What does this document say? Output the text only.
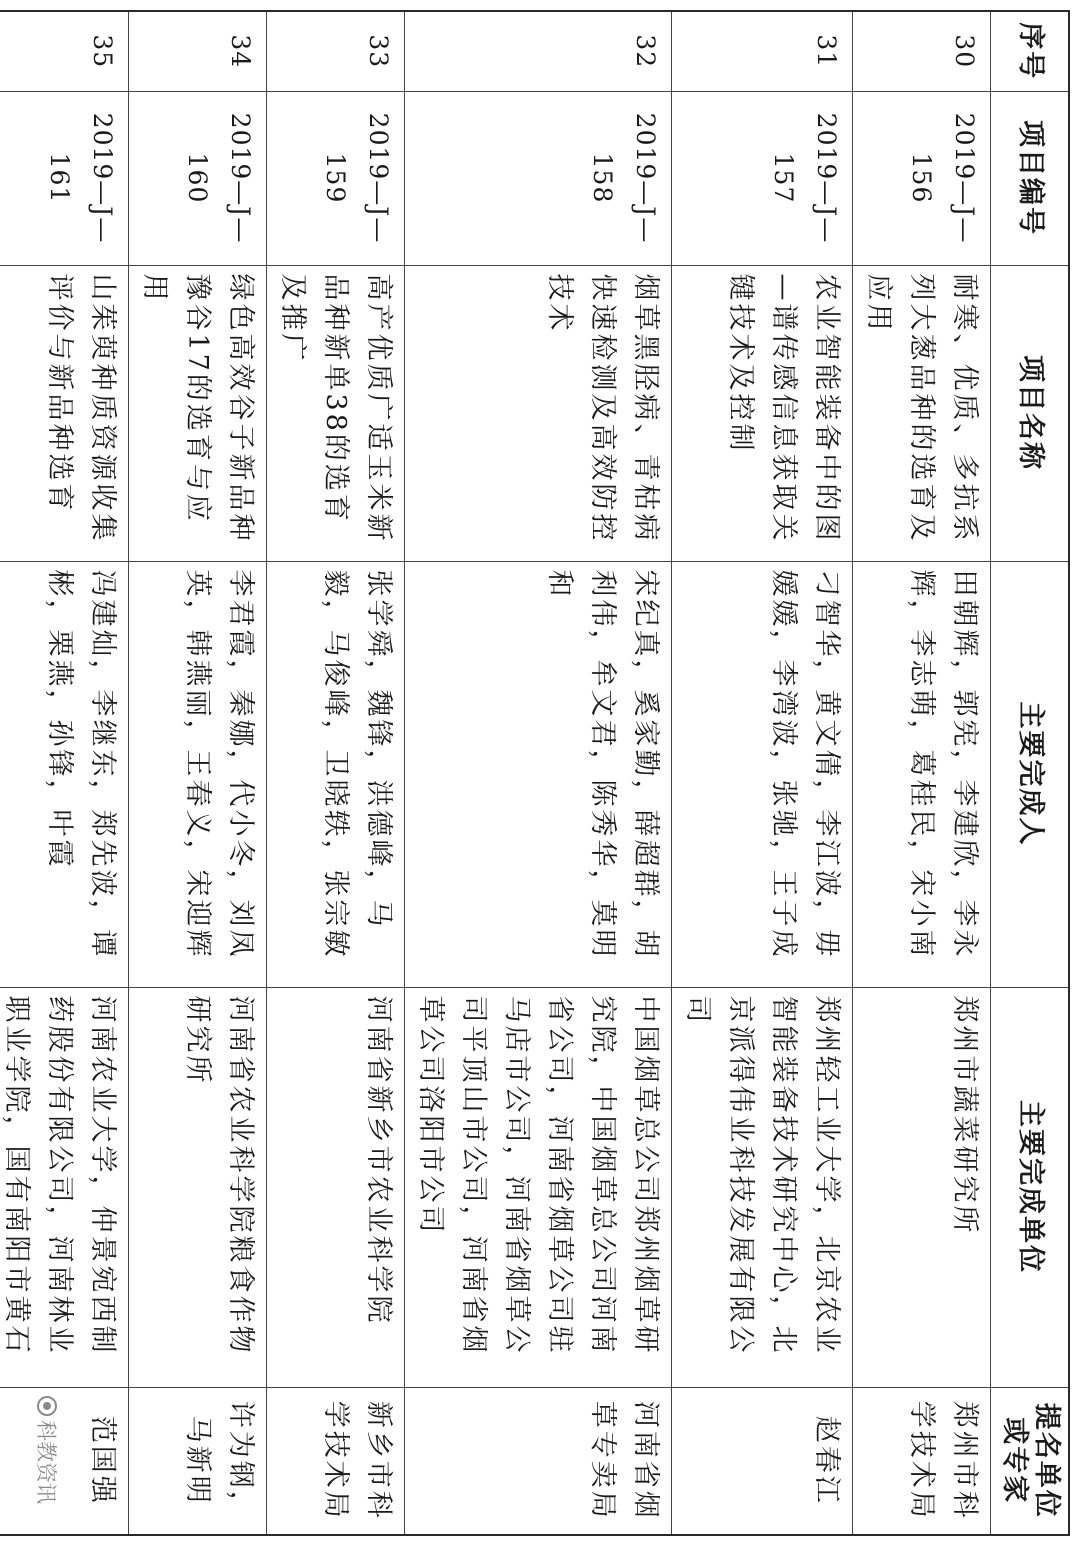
序号	项目编号	项目名称	主要完成人	主要完成单位	提名单位或专家
30	2019—J—156	耐寒、优质、多抗系列大葱品种的选育及应用	田朝辉，郭宪，李建欣，李永辉，李志萌，葛桂民，宋小南	郑州市蔬菜研究所	郑州市科学技术局
31	2019—J—157	农业智能装备中的图—谱传感信息获取关键技术及控制	刁智华，黄文倩，李江波，毋媛媛，李湾波，张驰，王子成	郑州轻工业大学，北京农业智能装备技术研究中心，北京派得伟业科技发展有限公司	赵春江
32	2019—J—158	烟草黑胫病、青枯病快速检测及高效防控技术	宋纪真，奚家勤，薛超群，胡利伟，牟文君，陈秀华，莫明和	中国烟草总公司郑州烟草研究院，中国烟草总公司河南省公司，河南省烟草公司驻马店市公司，河南省烟草公司平顶山市公司，河南省烟草公司洛阳市公司	河南省烟草专卖局
33	2019—J—159	高产优质广适玉米新品种新单38的选育及推广	张学舜，魏锋，洪德峰，马毅，马俊峰，卫晓轶，张宗敏	河南省新乡市农业科学院	新乡市科学技术局
34	2019—J—160	绿色高效谷子新品种豫谷17的选育与应用	李君霞，秦娜，代小冬，刘凤英，韩燕丽，王春义，宋迎辉	河南省农业科学院粮食作物研究所	许为钢，马新明
35	2019—J—161	山茱萸种质资源收集评价与新品种选育	冯建灿，李继东，郑先波，谭彬，栗燕，孙锋，叶霞	河南农业大学，仲景宛西制药股份有限公司，河南林业职业学院，国有南阳市黄石	范国强

科教资讯
